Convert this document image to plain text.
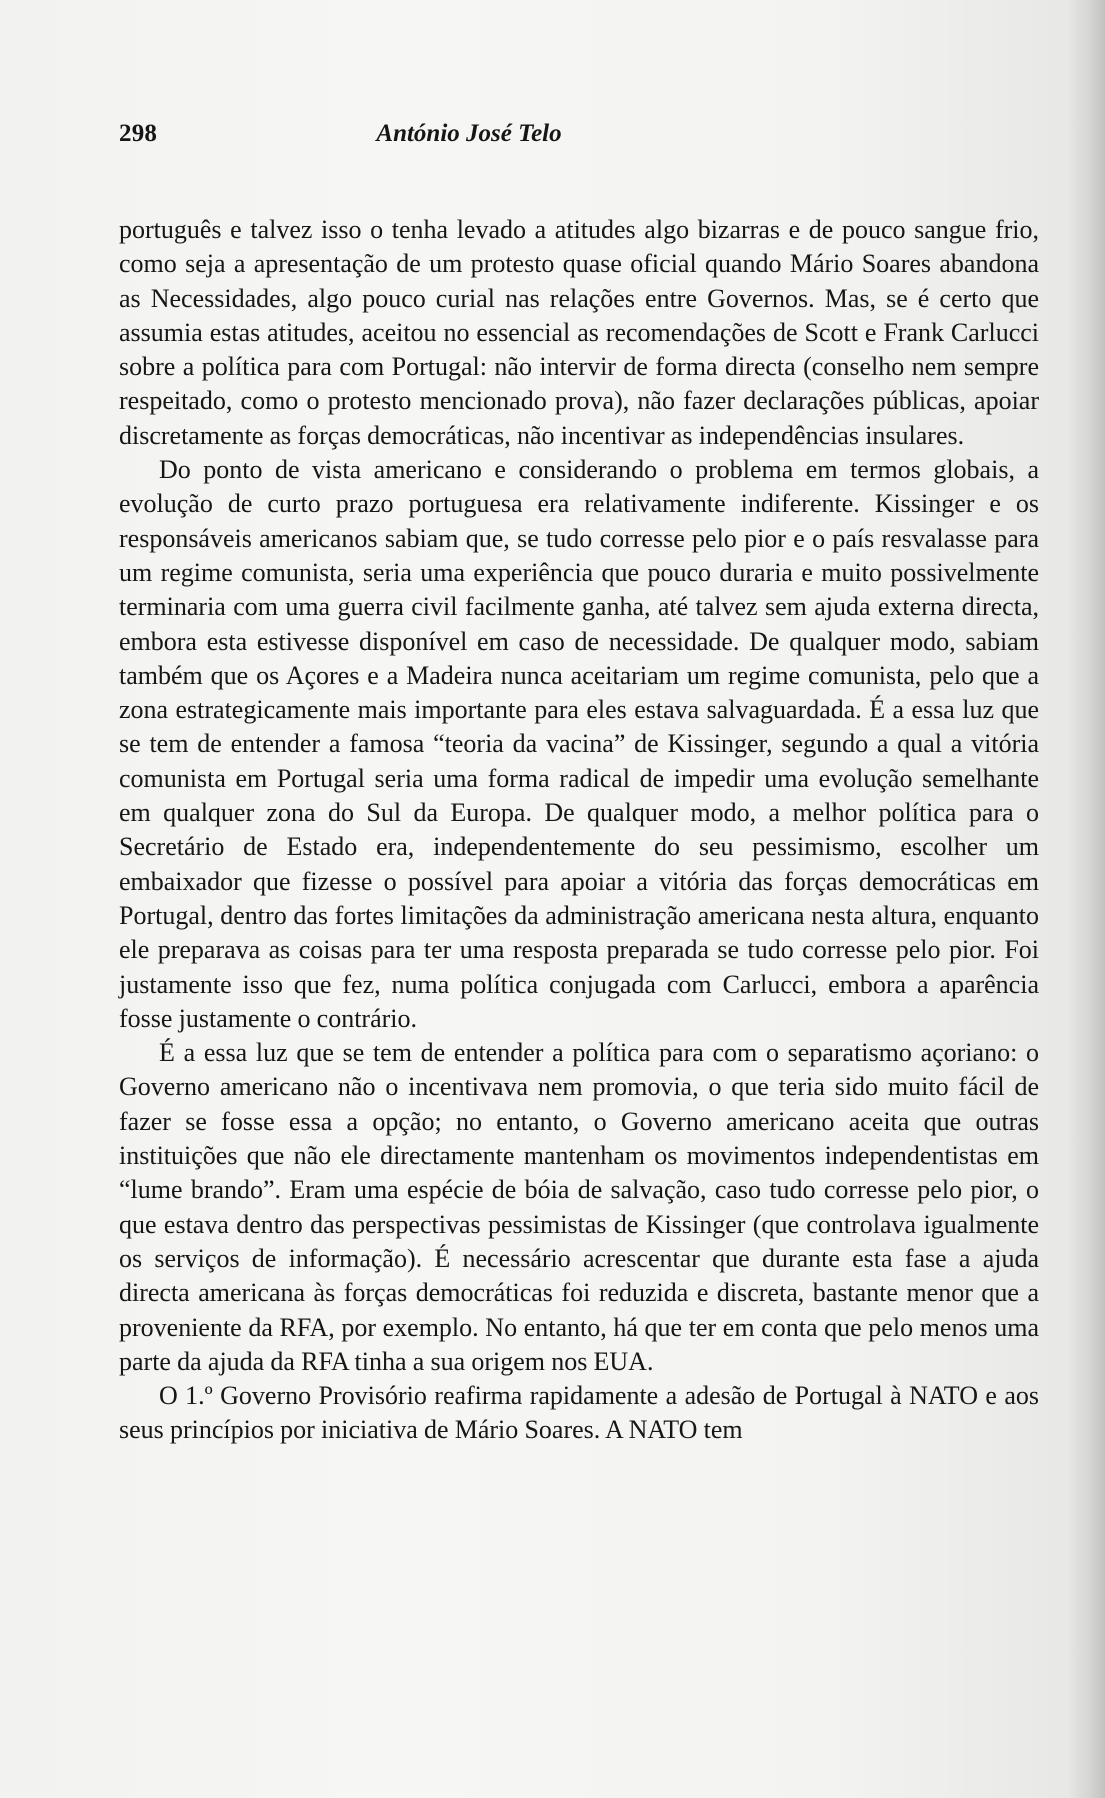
298	António José Telo

português e talvez isso o tenha levado a atitudes algo bizarras e de pouco sangue frio, como seja a apresentação de um protesto quase oficial quando Mário Soares abandona as Necessidades, algo pouco curial nas relações entre Governos. Mas, se é certo que assumia estas atitudes, aceitou no essencial as recomendações de Scott e Frank Carlucci sobre a política para com Portugal: não intervir de forma directa (conselho nem sempre respeitado, como o protesto mencionado prova), não fazer declarações públicas, apoiar discretamente as forças democráticas, não incentivar as independências insulares.

Do ponto de vista americano e considerando o problema em termos globais, a evolução de curto prazo portuguesa era relativamente indiferente. Kissinger e os responsáveis americanos sabiam que, se tudo corresse pelo pior e o país resvalasse para um regime comunista, seria uma experiência que pouco duraria e muito possivelmente terminaria com uma guerra civil facilmente ganha, até talvez sem ajuda externa directa, embora esta estivesse disponível em caso de necessidade. De qualquer modo, sabiam também que os Açores e a Madeira nunca aceitariam um regime comunista, pelo que a zona estrategicamente mais importante para eles estava salvaguardada. É a essa luz que se tem de entender a famosa “teoria da vacina” de Kissinger, segundo a qual a vitória comunista em Portugal seria uma forma radical de impedir uma evolução semelhante em qualquer zona do Sul da Europa. De qualquer modo, a melhor política para o Secretário de Estado era, independentemente do seu pessimismo, escolher um embaixador que fizesse o possível para apoiar a vitória das forças democráticas em Portugal, dentro das fortes limitações da administração americana nesta altura, enquanto ele preparava as coisas para ter uma resposta preparada se tudo corresse pelo pior. Foi justamente isso que fez, numa política conjugada com Carlucci, embora a aparência fosse justamente o contrário.

É a essa luz que se tem de entender a política para com o separatismo açoriano: o Governo americano não o incentivava nem promovia, o que teria sido muito fácil de fazer se fosse essa a opção; no entanto, o Governo americano aceita que outras instituições que não ele directamente mantenham os movimentos independentistas em “lume brando”. Eram uma espécie de bóia de salvação, caso tudo corresse pelo pior, o que estava dentro das perspectivas pessimistas de Kissinger (que controlava igualmente os serviços de informação). É necessário acrescentar que durante esta fase a ajuda directa americana às forças democráticas foi reduzida e discreta, bastante menor que a proveniente da RFA, por exemplo. No entanto, há que ter em conta que pelo menos uma parte da ajuda da RFA tinha a sua origem nos EUA.

O 1.º Governo Provisório reafirma rapidamente a adesão de Portugal à NATO e aos seus princípios por iniciativa de Mário Soares. A NATO tem
